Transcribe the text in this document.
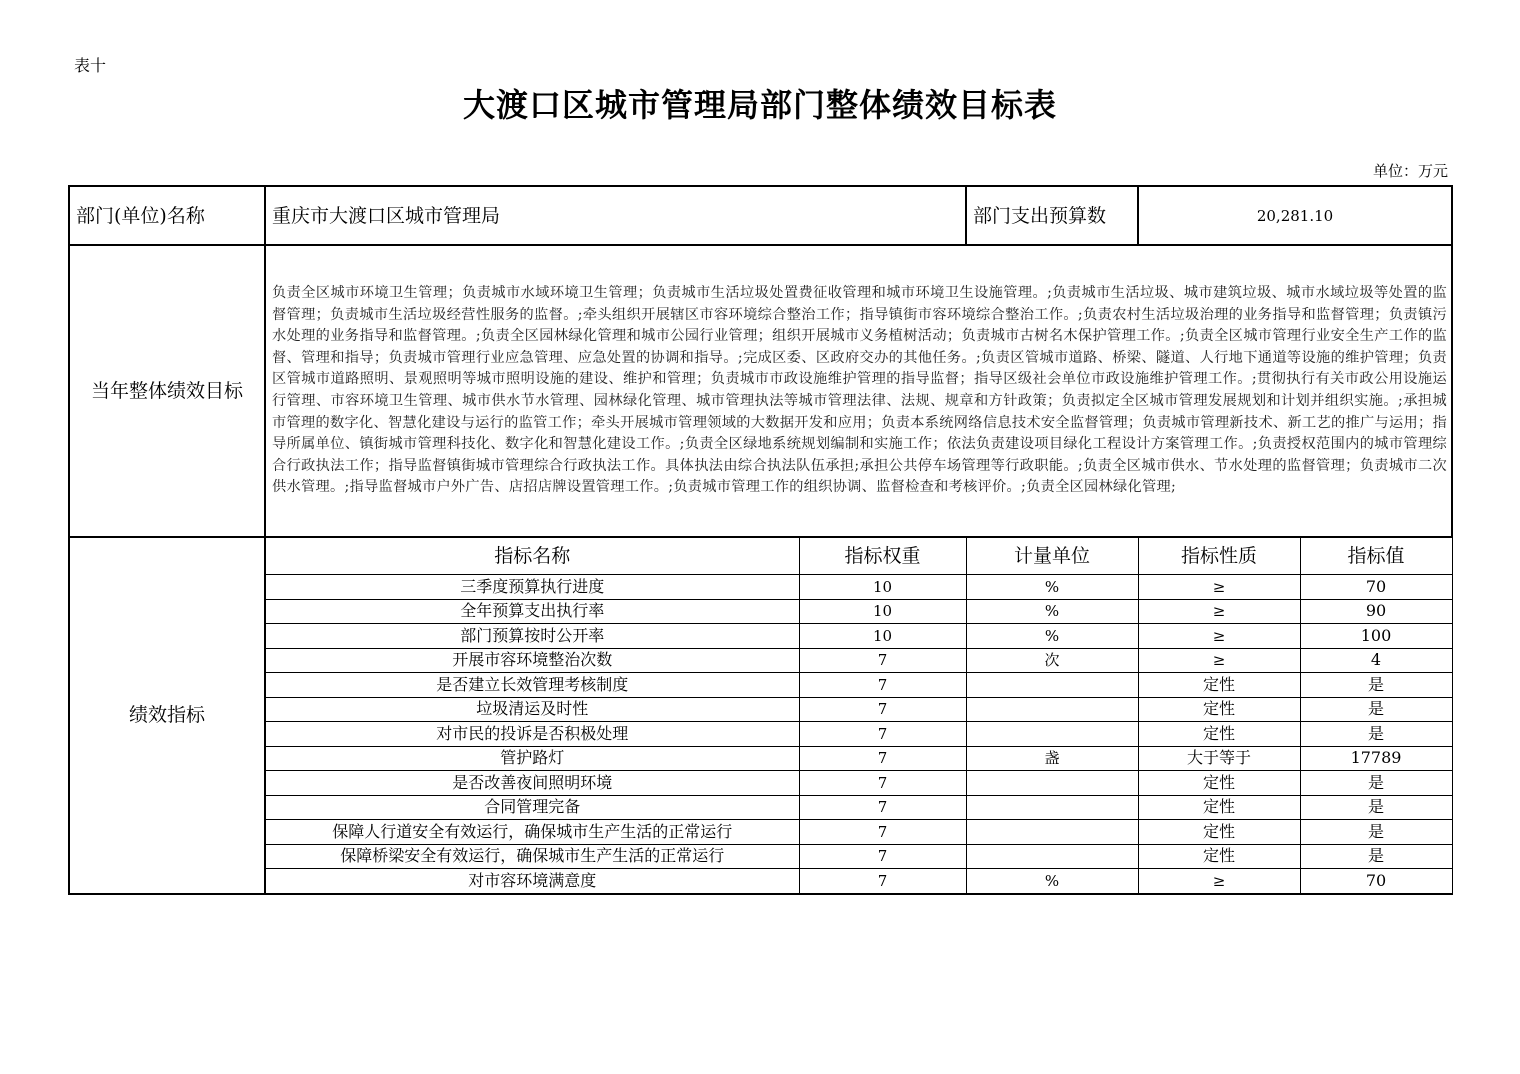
表十
大渡口区城市管理局部门整体绩效目标表
单位：万元
部门(单位)名称	重庆市大渡口区城市管理局		部门支出预算数	20,281.10	
当年整体绩效目标	负责全区城市环境卫生管理；负责城市水域环境卫生管理；负责城市生活垃圾处置费征收管理和城市环境卫生设施管理。;负责城市生活垃圾、城市建筑垃圾、城市水域垃圾等处置的监督管理；负责城市生活垃圾经营性服务的监督。;牵头组织开展辖区市容环境综合整治工作；指导镇街市容环境综合整治工作。;负责农村生活垃圾治理的业务指导和监督管理；负责镇污水处理的业务指导和监督管理。;负责全区园林绿化管理和城市公园行业管理；组织开展城市义务植树活动；负责城市古树名木保护管理工作。;负责全区城市管理行业安全生产工作的监督、管理和指导；负责城市管理行业应急管理、应急处置的协调和指导。;完成区委、区政府交办的其他任务。;负责区管城市道路、桥梁、隧道、人行地下通道等设施的维护管理；负责区管城市道路照明、景观照明等城市照明设施的建设、维护和管理；负责城市市政设施维护管理的指导监督；指导区级社会单位市政设施维护管理工作。;贯彻执行有关市政公用设施运行管理、市容环境卫生管理、城市供水节水管理、园林绿化管理、城市管理执法等城市管理法律、法规、规章和方针政策；负责拟定全区城市管理发展规划和计划并组织实施。;承担城市管理的数字化、智慧化建设与运行的监管工作；牵头开展城市管理领域的大数据开发和应用；负责本系统网络信息技术安全监督管理；负责城市管理新技术、新工艺的推广与运用；指导所属单位、镇街城市管理科技化、数字化和智慧化建设工作。;负责全区绿地系统规划编制和实施工作；依法负责建设项目绿化工程设计方案管理工作。;负责授权范围内的城市管理综合行政执法工作；指导监督镇街城市管理综合行政执法工作。具体执法由综合执法队伍承担;承担公共停车场管理等行政职能。;负责全区城市供水、节水处理的监督管理；负责城市二次供水管理。;指导监督城市户外广告、店招店牌设置管理工作。;负责城市管理工作的组织协调、监督检查和考核评价。;负责全区园林绿化管理;				
绩效指标	指标名称	指标权重	计量单位	指标性质	指标值
	三季度预算执行进度	10	%	≥	70
	全年预算支出执行率	10	%	≥	90
	部门预算按时公开率	10	%	≥	100
	开展市容环境整治次数	7	次	≥	4
	是否建立长效管理考核制度	7		定性	是
	垃圾清运及时性	7		定性	是
	对市民的投诉是否积极处理	7		定性	是
	管护路灯	7	盏	大于等于	17789
	是否改善夜间照明环境	7		定性	是
	合同管理完备	7		定性	是
	保障人行道安全有效运行，确保城市生产生活的正常运行	7		定性	是
	保障桥梁安全有效运行，确保城市生产生活的正常运行	7		定性	是
	对市容环境满意度	7	%	≥	70
